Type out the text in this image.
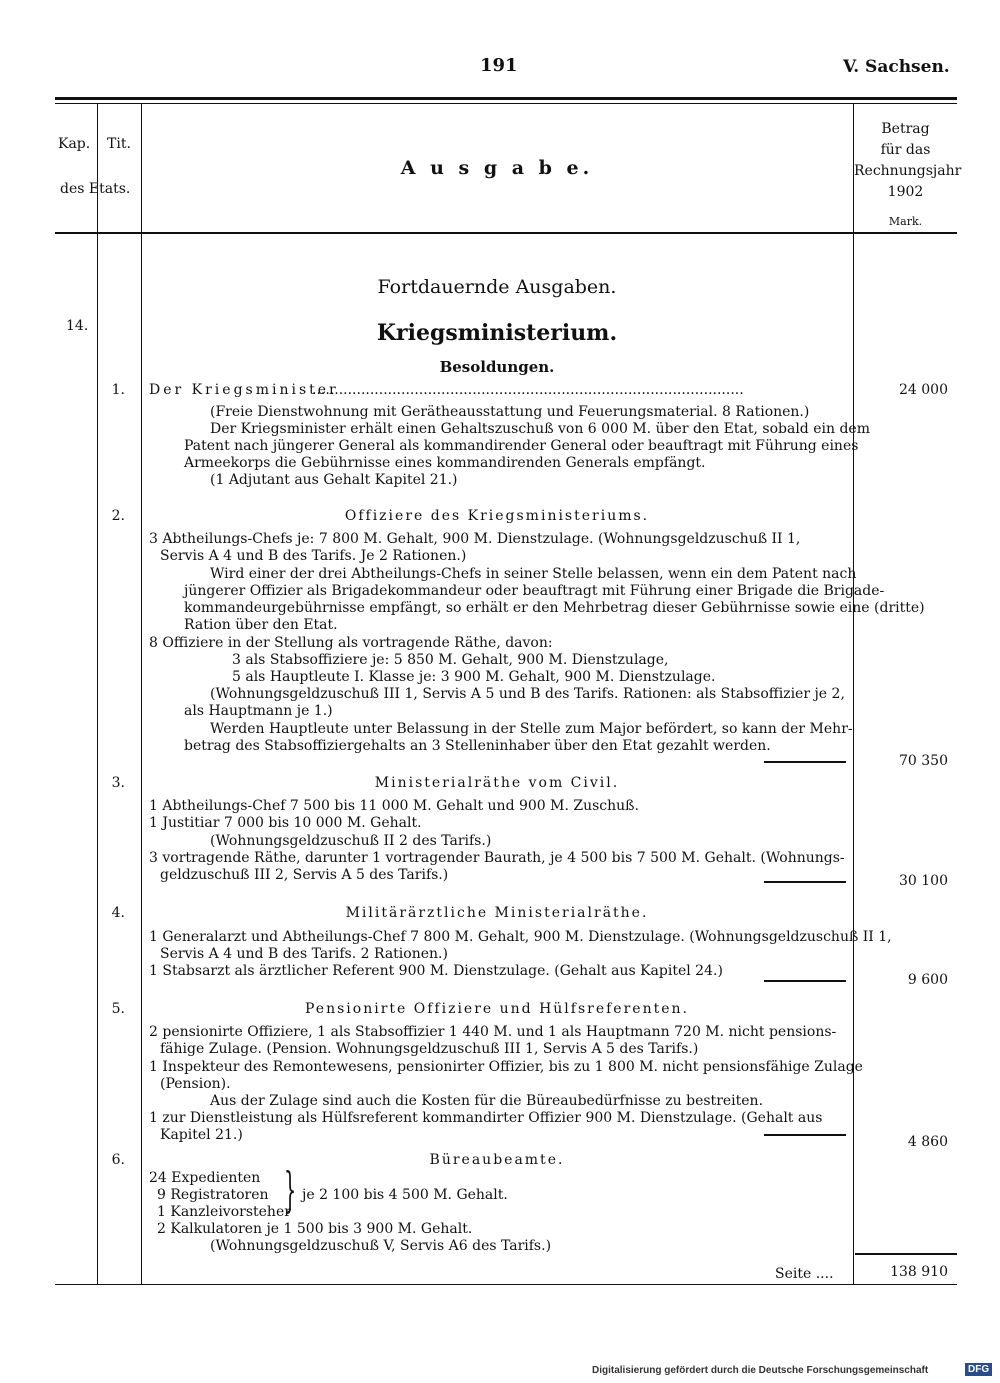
191	V. Sachsen.
Kap. Tit.
des Etats.
A u s g a b e.
Betrag
für das
Rechnungsjahr
1902
Mark.
Fortdauernde Ausgaben.
14.	Kriegsministerium.
Besoldungen.
1. Der Kriegsminister
.................................................................................................	24 000
(Freie Dienstwohnung mit Gerätheausstattung und Feuerungsmaterial. 8 Rationen.)
Der Kriegsminister erhält einen Gehaltszuschuß von 6 000 M. über den Etat, sobald ein dem
Patent nach jüngerer General als kommandirender General oder beauftragt mit Führung eines
Armeekorps die Gebührnisse eines kommandirenden Generals empfängt.
(1 Adjutant aus Gehalt Kapitel 21.)
2.	Offiziere des Kriegsministeriums.
3 Abtheilungs-Chefs je: 7 800 M. Gehalt, 900 M. Dienstzulage. (Wohnungsgeldzuschuß II 1,
Servis A 4 und B des Tarifs. Je 2 Rationen.)
Wird einer der drei Abtheilungs-Chefs in seiner Stelle belassen, wenn ein dem Patent nach
jüngerer Offizier als Brigadekommandeur oder beauftragt mit Führung einer Brigade die Brigade-
kommandeurgebührnisse empfängt, so erhält er den Mehrbetrag dieser Gebührnisse sowie eine (dritte)
Ration über den Etat.
8 Offiziere in der Stellung als vortragende Räthe, davon:
3 als Stabsoffiziere je: 5 850 M. Gehalt, 900 M. Dienstzulage,
5 als Hauptleute I. Klasse je: 3 900 M. Gehalt, 900 M. Dienstzulage.
(Wohnungsgeldzuschuß III 1, Servis A 5 und B des Tarifs. Rationen: als Stabsoffizier je 2,
als Hauptmann je 1.)
Werden Hauptleute unter Belassung in der Stelle zum Major befördert, so kann der Mehr-
betrag des Stabsoffiziergehalts an 3 Stelleninhaber über den Etat gezahlt werden.
70 350
3.	Ministerialräthe vom Civil.
1 Abtheilungs-Chef 7 500 bis 11 000 M. Gehalt und 900 M. Zuschuß.
1 Justitiar 7 000 bis 10 000 M. Gehalt.
(Wohnungsgeldzuschuß II 2 des Tarifs.)
3 vortragende Räthe, darunter 1 vortragender Baurath, je 4 500 bis 7 500 M. Gehalt. (Wohnungs-
geldzuschuß III 2, Servis A 5 des Tarifs.)	30 100
4.	Militärärztliche Ministerialräthe.
1 Generalarzt und Abtheilungs-Chef 7 800 M. Gehalt, 900 M. Dienstzulage. (Wohnungsgeldzuschuß II 1,
Servis A 4 und B des Tarifs. 2 Rationen.)
1 Stabsarzt als ärztlicher Referent 900 M. Dienstzulage. (Gehalt aus Kapitel 24.)
9 600
5.	Pensionirte Offiziere und Hülfsreferenten.
2 pensionirte Offiziere, 1 als Stabsoffizier 1 440 M. und 1 als Hauptmann 720 M. nicht pensions-
fähige Zulage. (Pension. Wohnungsgeldzuschuß III 1, Servis A 5 des Tarifs.)
1 Inspekteur des Remontewesens, pensionirter Offizier, bis zu 1 800 M. nicht pensionsfähige Zulage
(Pension).
Aus der Zulage sind auch die Kosten für die Büreaubedürfnisse zu bestreiten.
1 zur Dienstleistung als Hülfsreferent kommandirter Offizier 900 M. Dienstzulage. (Gehalt aus
Kapitel 21.)	4 860
6.	Büreaubeamte.
24 Expedienten
9 Registratoren
1 Kanzleivorsteher
} je 2 100 bis 4 500 M. Gehalt.
2 Kalkulatoren je 1 500 bis 3 900 M. Gehalt.
(Wohnungsgeldzuschuß V, Servis A6 des Tarifs.)
Seite ....	138 910
Digitalisierung gefördert durch die Deutsche Forschungsgemeinschaft	DFG
